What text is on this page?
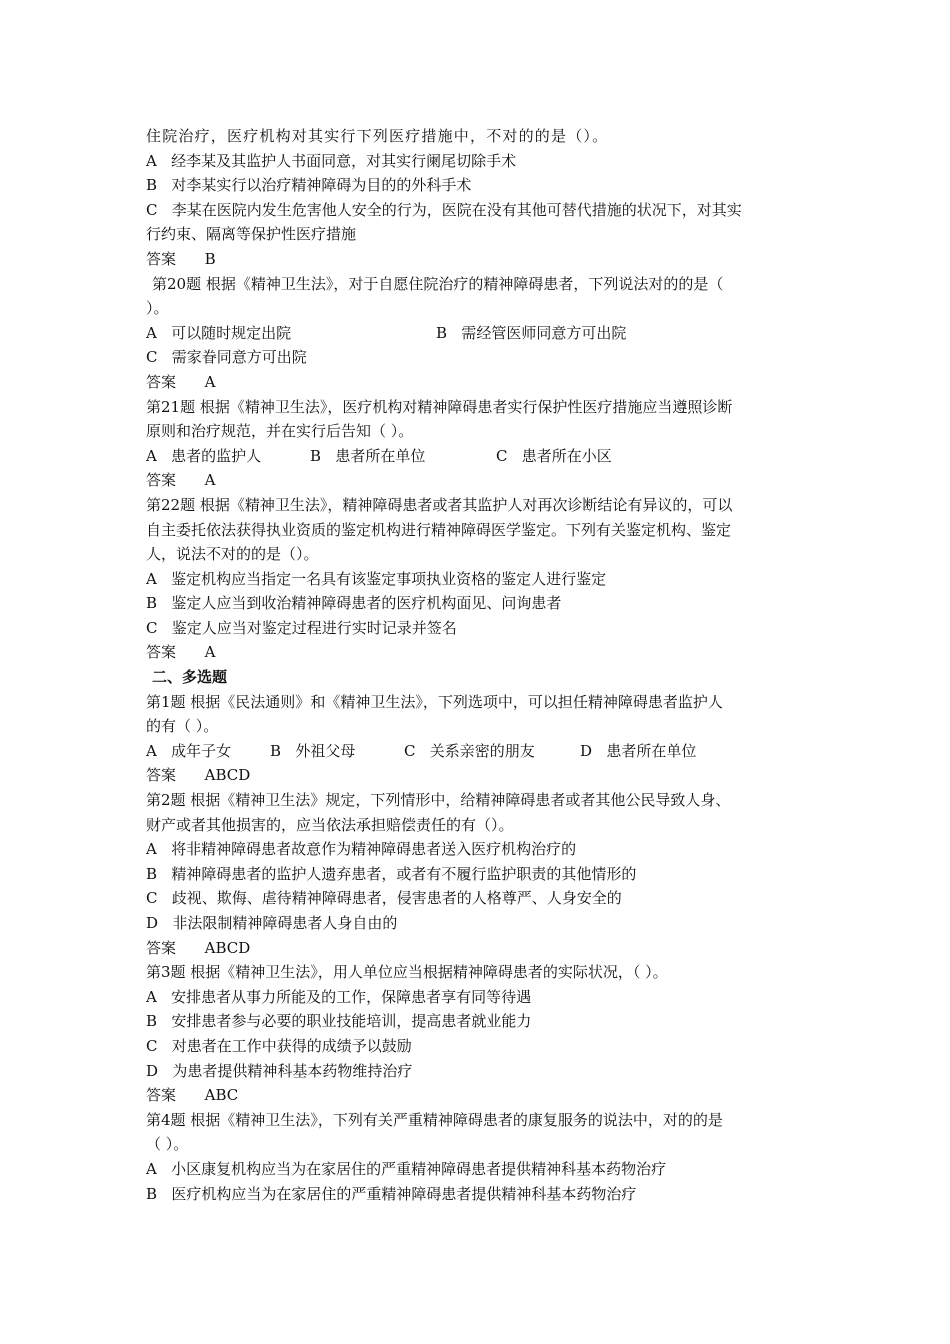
住院治疗，医疗机构对其实行下列医疗措施中，不对的的是（）。
A   经李某及其监护人书面同意，对其实行阑尾切除手术
B   对李某实行以治疗精神障碍为目的的外科手术
C   李某在医院内发生危害他人安全的行为，医院在没有其他可替代措施的状况下，对其实
行约束、隔离等保护性医疗措施
答案      B
第20题 根据《精神卫生法》，对于自愿住院治疗的精神障碍患者，下列说法对的的是（
）。
A   可以随时规定出院	B   需经管医师同意方可出院
C   需家眷同意方可出院
答案      A
第21题 根据《精神卫生法》，医疗机构对精神障碍患者实行保护性医疗措施应当遵照诊断
原则和治疗规范，并在实行后告知（ ）。
A   患者的监护人	B   患者所在单位	C   患者所在小区
答案      A
第22题 根据《精神卫生法》，精神障碍患者或者其监护人对再次诊断结论有异议的，可以
自主委托依法获得执业资质的鉴定机构进行精神障碍医学鉴定。下列有关鉴定机构、鉴定
人，说法不对的的是（）。
A   鉴定机构应当指定一名具有该鉴定事项执业资格的鉴定人进行鉴定
B   鉴定人应当到收治精神障碍患者的医疗机构面见、问询患者
C   鉴定人应当对鉴定过程进行实时记录并签名
答案      A
二、多选题
第1题 根据《民法通则》和《精神卫生法》，下列选项中，可以担任精神障碍患者监护人
的有（ ）。
A   成年子女	B   外祖父母	C   关系亲密的朋友	D   患者所在单位
答案      ABCD
第2题 根据《精神卫生法》规定，下列情形中，给精神障碍患者或者其他公民导致人身、
财产或者其他损害的，应当依法承担赔偿责任的有（）。
A   将非精神障碍患者故意作为精神障碍患者送入医疗机构治疗的
B   精神障碍患者的监护人遗弃患者，或者有不履行监护职责的其他情形的
C   歧视、欺侮、虐待精神障碍患者，侵害患者的人格尊严、人身安全的
D   非法限制精神障碍患者人身自由的
答案      ABCD
第3题 根据《精神卫生法》，用人单位应当根据精神障碍患者的实际状况，（ ）。
A   安排患者从事力所能及的工作，保障患者享有同等待遇
B   安排患者参与必要的职业技能培训，提高患者就业能力
C   对患者在工作中获得的成绩予以鼓励
D   为患者提供精神科基本药物维持治疗
答案      ABC
第4题 根据《精神卫生法》，下列有关严重精神障碍患者的康复服务的说法中，对的的是
（ ）。
A   小区康复机构应当为在家居住的严重精神障碍患者提供精神科基本药物治疗
B   医疗机构应当为在家居住的严重精神障碍患者提供精神科基本药物治疗
